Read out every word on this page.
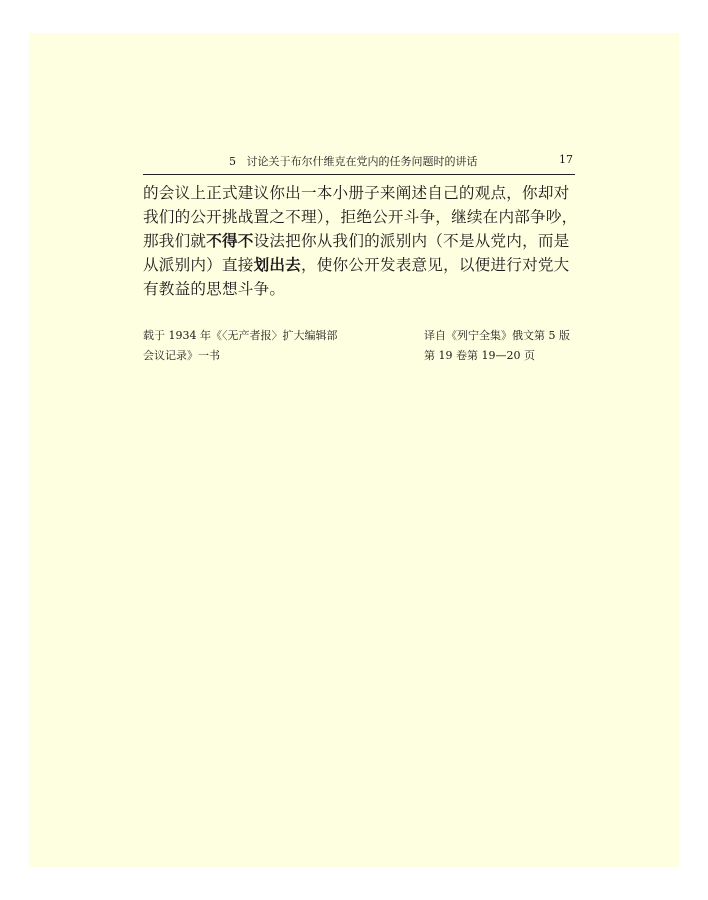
5 讨论关于布尔什维克在党内的任务问题时的讲话	17

的会议上正式建议你出一本小册子来阐述自己的观点，你却对我们的公开挑战置之不理），拒绝公开斗争，继续在内部争吵，那我们就不得不设法把你从我们的派别内（不是从党内，而是从派别内）直接划出去，使你公开发表意见，以便进行对党大有教益的思想斗争。

载于 1934 年《〈无产者报〉扩大编辑部
会议记录》一书
译自《列宁全集》俄文第 5 版
第 19 卷第 19—20 页
